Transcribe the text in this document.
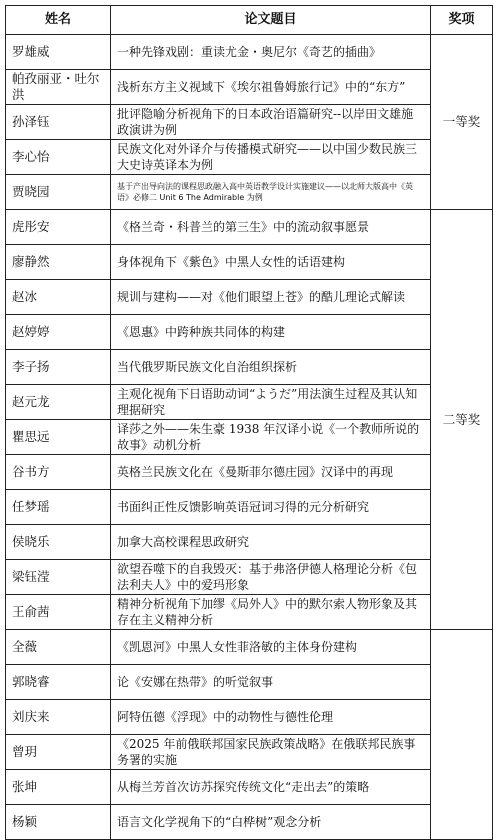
姓名	论文题目	奖项
罗雄威	一种先锋戏剧：重读尤金・奥尼尔《奇艺的插曲》	一等奖
帕孜丽亚・吐尔洪	浅析东方主义视域下《埃尔祖鲁姆旅行记》中的“东方”	
孙泽钰	批评隐喻分析视角下的日本政治语篇研究--以岸田文雄施政演讲为例	
李心怡	民族文化对外译介与传播模式研究——以中国少数民族三大史诗英译本为例	
贾晓园	基于产出导向法的课程思政融入高中英语教学设计实施建议——以北师大版高中《英语》必修二 Unit 6 The Admirable 为例	
虎彤安	《格兰奇・科普兰的第三生》中的流动叙事愿景	二等奖
廖静然	身体视角下《紫色》中黑人女性的话语建构	
赵冰	规训与建构——对《他们眼望上苍》的酷儿理论式解读	
赵婷婷	《恩惠》中跨种族共同体的构建	
李子扬	当代俄罗斯民族文化自治组织探析	
赵元龙	主观化视角下日语助动词“ようだ”用法演生过程及其认知理据研究	
瞿思远	译莎之外——朱生豪 1938 年汉译小说《一个教师所说的故事》动机分析	
谷书方	英格兰民族文化在《曼斯菲尔德庄园》汉译中的再现	
任梦瑶	书面纠正性反馈影响英语冠词习得的元分析研究	
侯晓乐	加拿大高校课程思政研究	
梁钰滢	欲望吞噬下的自我毁灭：基于弗洛伊德人格理论分析《包法利夫人》中的爱玛形象	
王俞茜	精神分析视角下加缪《局外人》中的默尔索人物形象及其存在主义精神分析	
全薇	《凯恩河》中黑人女性菲洛敏的主体身份建构	
郭晓睿	论《安娜在热带》的听觉叙事	
刘庆来	阿特伍德《浮现》中的动物性与德性伦理	
曾玥	《2025 年前俄联邦国家民族政策战略》在俄联邦民族事务署的实施	
张坤	从梅兰芳首次访苏探究传统文化“走出去”的策略	
杨颖	语言文化学视角下的“白桦树”观念分析	
